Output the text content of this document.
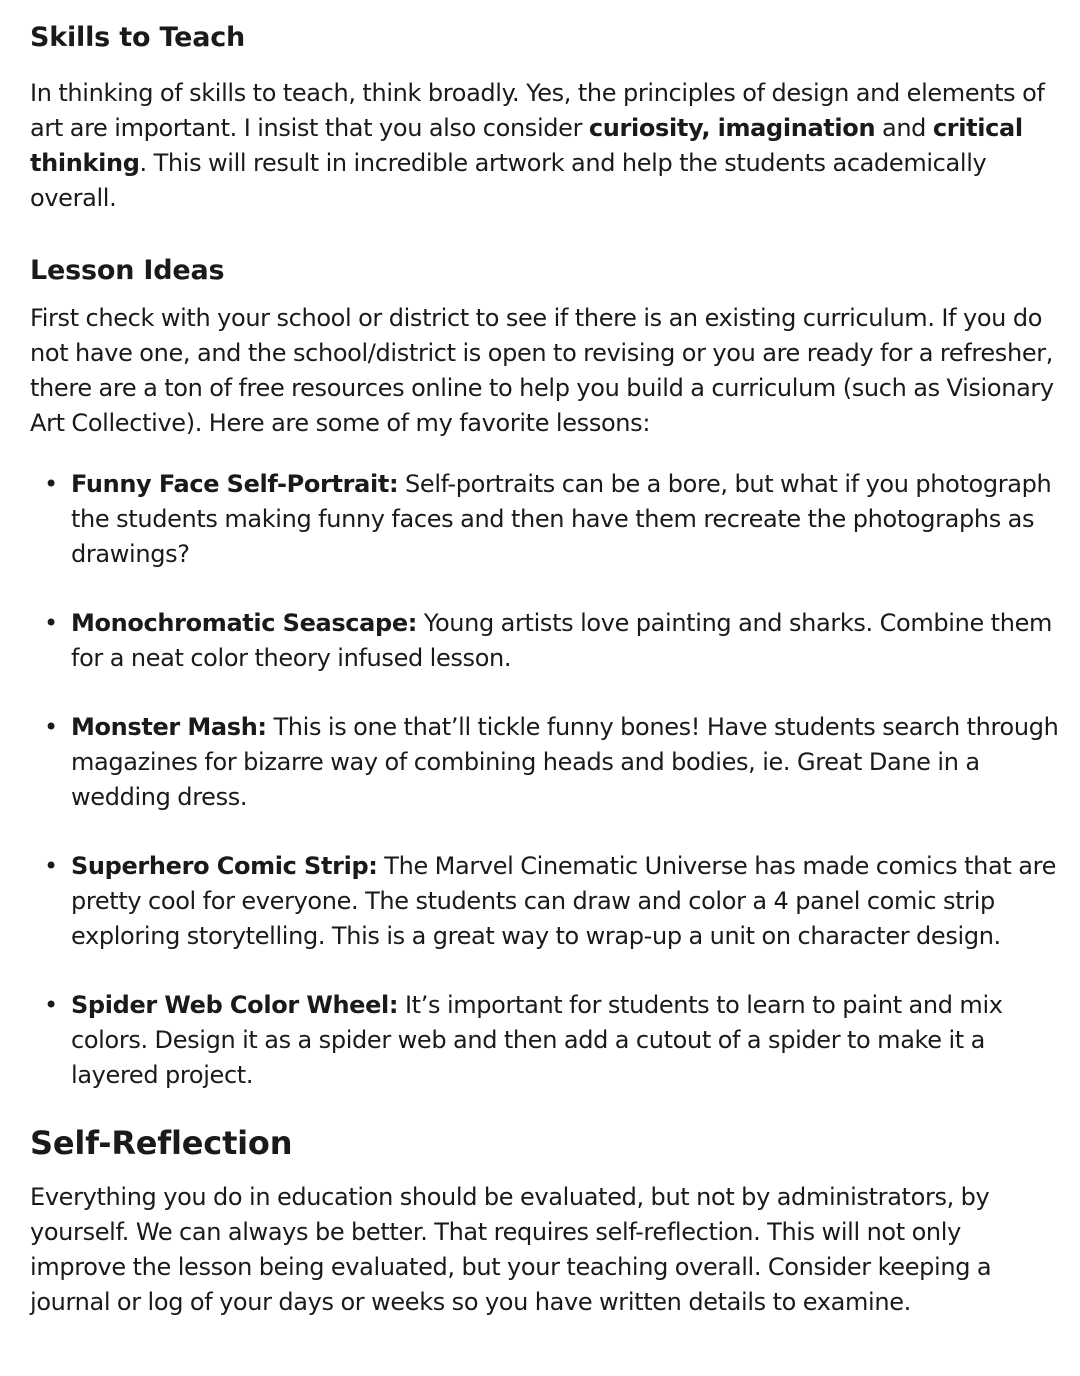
Skills to Teach

In thinking of skills to teach, think broadly. Yes, the principles of design and elements of art are important. I insist that you also consider curiosity, imagination and critical thinking. This will result in incredible artwork and help the students academically overall.

Lesson Ideas

First check with your school or district to see if there is an existing curriculum. If you do not have one, and the school/district is open to revising or you are ready for a refresher, there are a ton of free resources online to help you build a curriculum (such as Visionary Art Collective). Here are some of my favorite lessons:

• Funny Face Self-Portrait: Self-portraits can be a bore, but what if you photograph the students making funny faces and then have them recreate the photographs as drawings?
• Monochromatic Seascape: Young artists love painting and sharks. Combine them for a neat color theory infused lesson.
• Monster Mash: This is one that’ll tickle funny bones! Have students search through magazines for bizarre way of combining heads and bodies, ie. Great Dane in a wedding dress.
• Superhero Comic Strip: The Marvel Cinematic Universe has made comics that are pretty cool for everyone. The students can draw and color a 4 panel comic strip exploring storytelling. This is a great way to wrap-up a unit on character design.
• Spider Web Color Wheel: It’s important for students to learn to paint and mix colors. Design it as a spider web and then add a cutout of a spider to make it a layered project.
Self-Reflection

Everything you do in education should be evaluated, but not by administrators, by yourself. We can always be better. That requires self-reflection. This will not only improve the lesson being evaluated, but your teaching overall. Consider keeping a journal or log of your days or weeks so you have written details to examine.
